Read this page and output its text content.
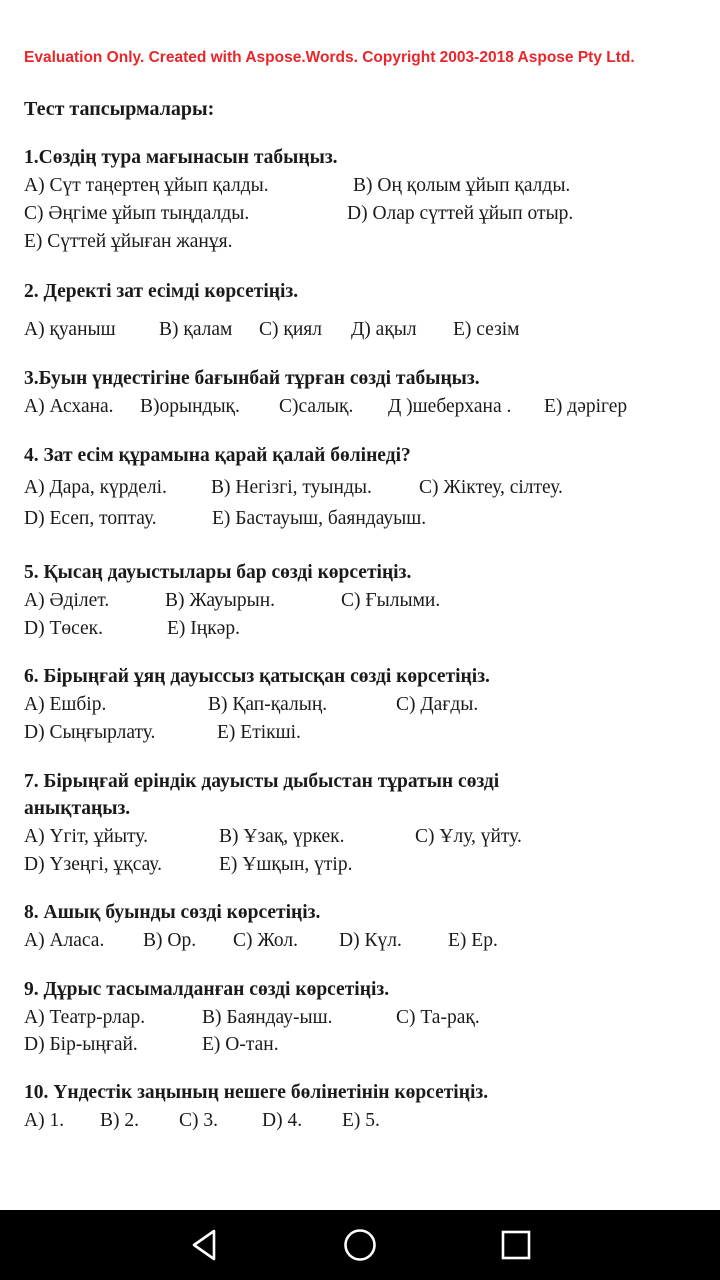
Evaluation Only. Created with Aspose.Words. Copyright 2003-2018 Aspose Pty Ltd.
Тест тапсырмалары:
1.Сөздің тура мағынасын табыңыз.
A) Сүт таңертең ұйып қалды.	B) Оң қолым ұйып қалды.
C) Әңгіме ұйып тыңдалды.	D) Олар сүттей ұйып отыр.
E) Сүттей ұйыған жанұя.
2. Деректі зат есімді көрсетіңіз.
A) қуаныш В) қалам С) қиял Д) ақыл Е) сезім
3.Буын үндестігіне бағынбай тұрған сөзді табыңыз.
А) Асхана. В)орындық. С)салық. Д )шеберхана . Е) дәрігер
4. Зат есім құрамына қарай қалай бөлінеді?
A) Дара, күрделі. B) Негізгі, туынды. C) Жіктеу, сілтеу.
D) Есеп, топтау.	E) Бастауыш, баяндауыш.
5. Қысаң дауыстылары бар сөзді көрсетіңіз.
A) Әділет.	B) Жауырын.	C) Ғылыми.
D) Төсек.	E) Іңкәр.
6. Бірыңғай ұяң дауыссыз қатысқан сөзді көрсетіңіз.
A) Ешбір.	B) Қап-қалың.	C) Дағды.
D) Сыңғырлату.	E) Етікші.
7. Бірыңғай еріндік дауысты дыбыстан тұратын сөзді
анықтаңыз.
A) Үгіт, ұйыту.	B) Ұзақ, үркек.	C) Ұлу, үйту.
D) Үзеңгі, ұқсау.	E) Ұшқын, үтір.
8. Ашық буынды сөзді көрсетіңіз.
A) Аласа. B) Ор. C) Жол. D) Күл. E) Ер.
9. Дұрыс тасымалданған сөзді көрсетіңіз.
A) Театр-рлар.	B) Баяндау-ыш.	C) Та-рақ.
D) Бір-ыңғай.	E) О-тан.
10. Үндестік заңының нешеге бөлінетінін көрсетіңіз.
A) 1. B) 2. C) 3. D) 4. E) 5.
